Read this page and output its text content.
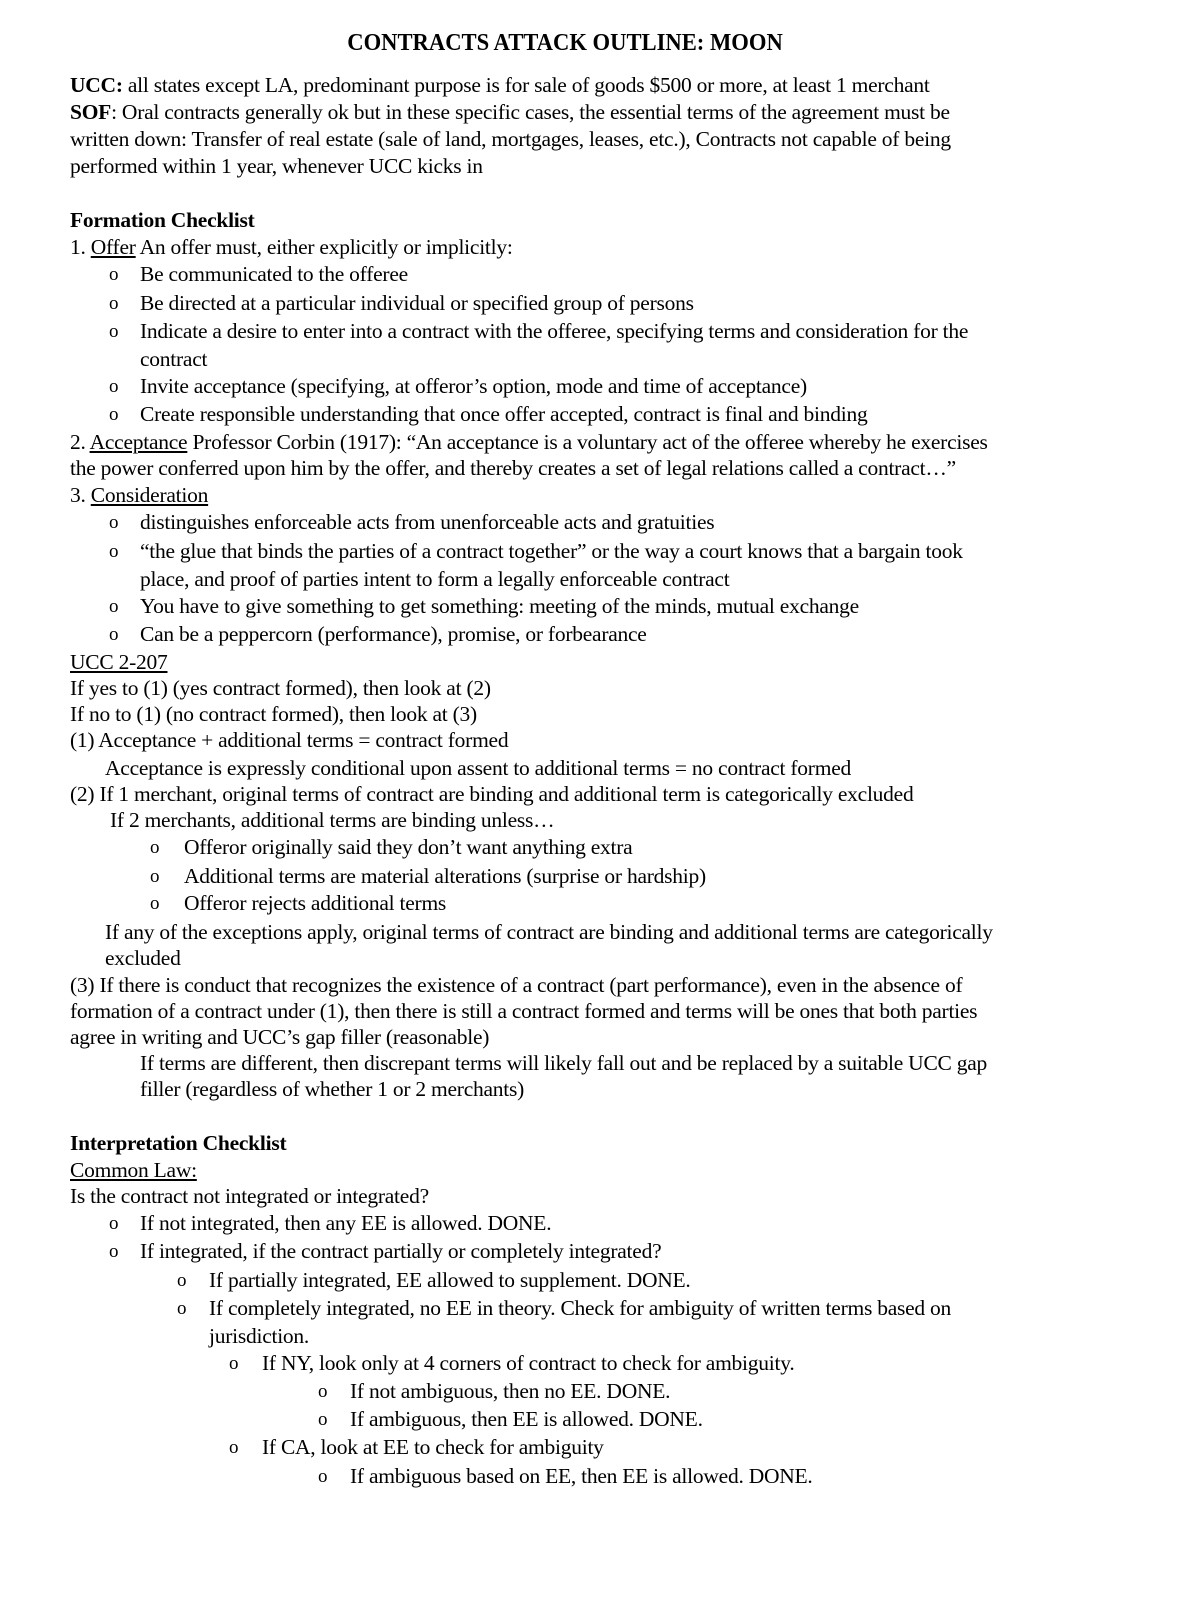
CONTRACTS ATTACK OUTLINE: MOON
UCC: all states except LA, predominant purpose is for sale of goods $500 or more, at least 1 merchant
SOF: Oral contracts generally ok but in these specific cases, the essential terms of the agreement must be
written down: Transfer of real estate (sale of land, mortgages, leases, etc.), Contracts not capable of being
performed within 1 year, whenever UCC kicks in
Formation Checklist
1. Offer An offer must, either explicitly or implicitly:
o Be communicated to the offeree
o Be directed at a particular individual or specified group of persons
o Indicate a desire to enter into a contract with the offeree, specifying terms and consideration for the
contract
o Invite acceptance (specifying, at offeror’s option, mode and time of acceptance)
o Create responsible understanding that once offer accepted, contract is final and binding
2. Acceptance Professor Corbin (1917): “An acceptance is a voluntary act of the offeree whereby he exercises
the power conferred upon him by the offer, and thereby creates a set of legal relations called a contract…”
3. Consideration
o distinguishes enforceable acts from unenforceable acts and gratuities
o “the glue that binds the parties of a contract together” or the way a court knows that a bargain took
place, and proof of parties intent to form a legally enforceable contract
o You have to give something to get something: meeting of the minds, mutual exchange
o Can be a peppercorn (performance), promise, or forbearance
UCC 2-207
If yes to (1) (yes contract formed), then look at (2)
If no to (1) (no contract formed), then look at (3)
(1) Acceptance + additional terms = contract formed
Acceptance is expressly conditional upon assent to additional terms = no contract formed
(2) If 1 merchant, original terms of contract are binding and additional term is categorically excluded
If 2 merchants, additional terms are binding unless…
o Offeror originally said they don’t want anything extra
o Additional terms are material alterations (surprise or hardship)
o Offeror rejects additional terms
If any of the exceptions apply, original terms of contract are binding and additional terms are categorically
excluded
(3) If there is conduct that recognizes the existence of a contract (part performance), even in the absence of
formation of a contract under (1), then there is still a contract formed and terms will be ones that both parties
agree in writing and UCC’s gap filler (reasonable)
If terms are different, then discrepant terms will likely fall out and be replaced by a suitable UCC gap
filler (regardless of whether 1 or 2 merchants)
Interpretation Checklist
Common Law:
Is the contract not integrated or integrated?
o If not integrated, then any EE is allowed. DONE.
o If integrated, if the contract partially or completely integrated?
o If partially integrated, EE allowed to supplement. DONE.
o If completely integrated, no EE in theory. Check for ambiguity of written terms based on
jurisdiction.
o If NY, look only at 4 corners of contract to check for ambiguity.
o If not ambiguous, then no EE. DONE.
o If ambiguous, then EE is allowed. DONE.
o If CA, look at EE to check for ambiguity
o If ambiguous based on EE, then EE is allowed. DONE.
